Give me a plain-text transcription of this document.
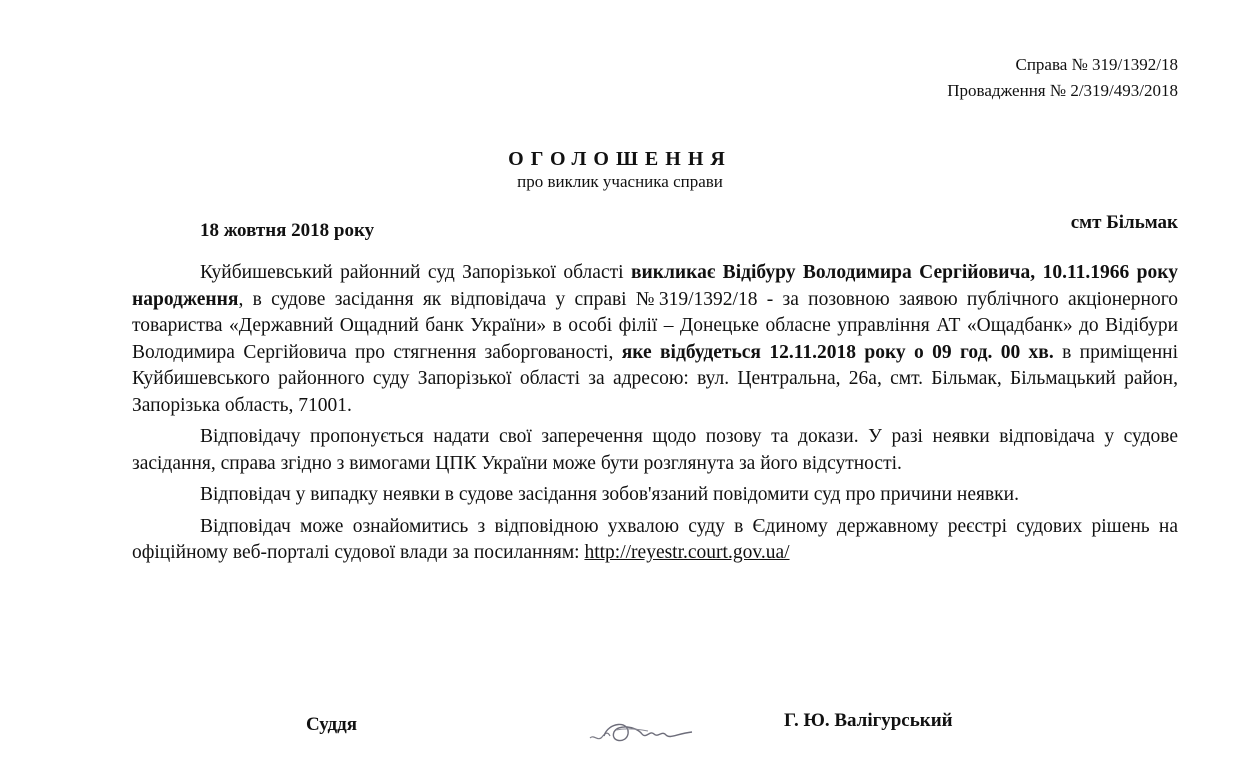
Справа № 319/1392/18
Провадження № 2/319/493/2018
ОГОЛОШЕННЯ
про виклик учасника справи
18 жовтня 2018 року	смт Більмак

Куйбишевський районний суд Запорізької області викликає Відібуру Володимира Сергійовича, 10.11.1966 року народження, в судове засідання як відповідача у справі №319/1392/18 - за позовною заявою публічного акціонерного товариства «Державний Ощадний банк України» в особі філії – Донецьке обласне управління АТ «Ощадбанк» до Відібури Володимира Сергійовича про стягнення заборгованості, яке відбудеться 12.11.2018 року о 09 год. 00 хв. в приміщенні Куйбишевського районного суду Запорізької області за адресою: вул. Центральна, 26а, смт. Більмак, Більмацький район, Запорізька область, 71001.

Відповідачу пропонується надати свої заперечення щодо позову та докази. У разі неявки відповідача у судове засідання, справа згідно з вимогами ЦПК України може бути розглянута за його відсутності.

Відповідач у випадку неявки в судове засідання зобов'язаний повідомити суд про причини неявки.

Відповідач може ознайомитись з відповідною ухвалою суду в Єдиному державному реєстрі судових рішень на офіційному веб-порталі судової влади за посиланням: http://reyestr.court.gov.ua/

Суддя	Г. Ю. Валігурський
